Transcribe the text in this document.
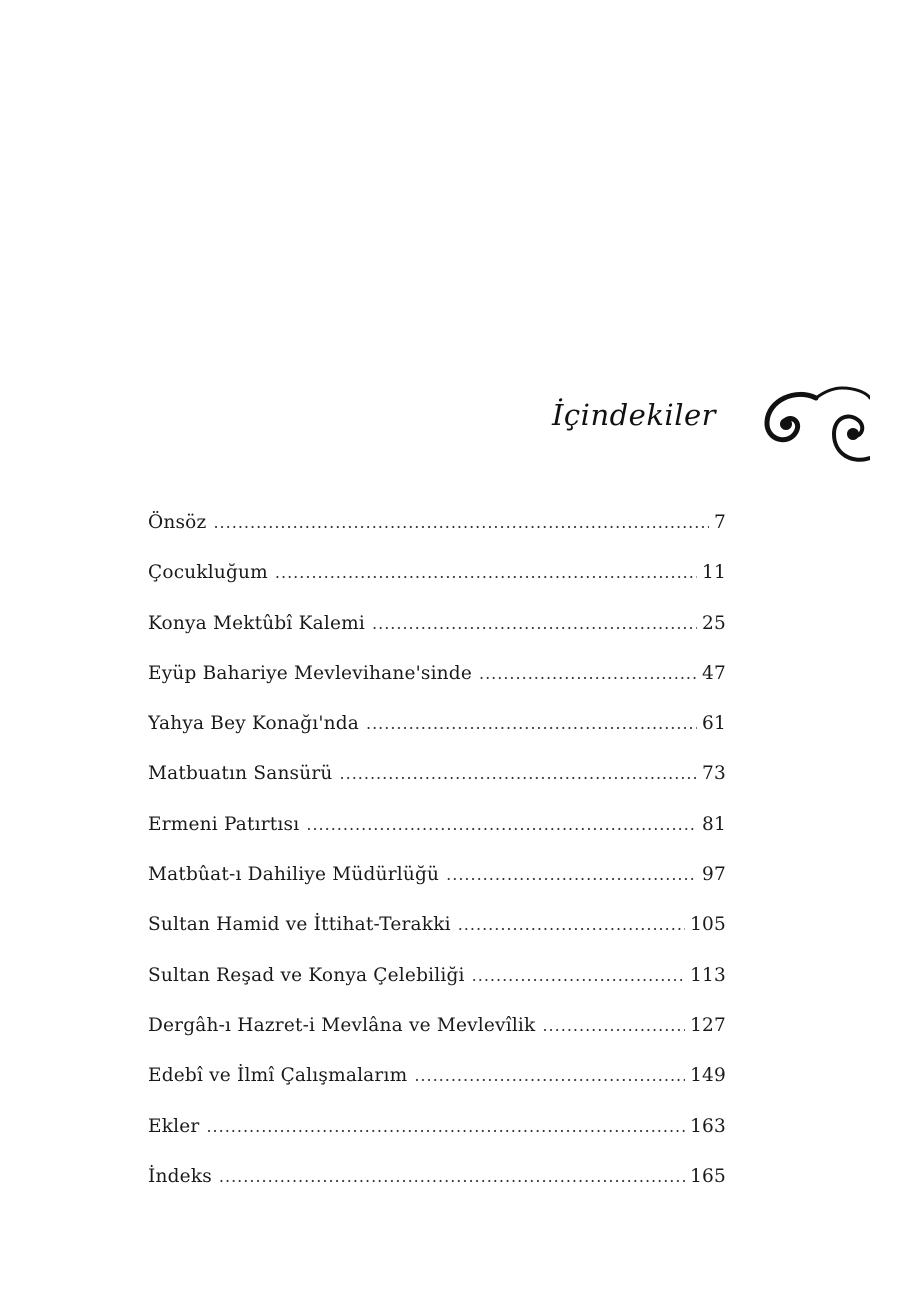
İçindekiler
Önsöz .....	7
Çocukluğum .....	11
Konya Mektûbî Kalemi .....	25
Eyüp Bahariye Mevlevihane'sinde .....	47
Yahya Bey Konağı'nda .....	61
Matbuatın Sansürü .....	73
Ermeni Patırtısı .....	81
Matbûat-ı Dahiliye Müdürlüğü .....	97
Sultan Hamid ve İttihat-Terakki .....	105
Sultan Reşad ve Konya Çelebiliği .....	113
Dergâh-ı Hazret-i Mevlâna ve Mevlevîlik .....	127
Edebî ve İlmî Çalışmalarım .....	149
Ekler .....	163
İndeks .....	165
